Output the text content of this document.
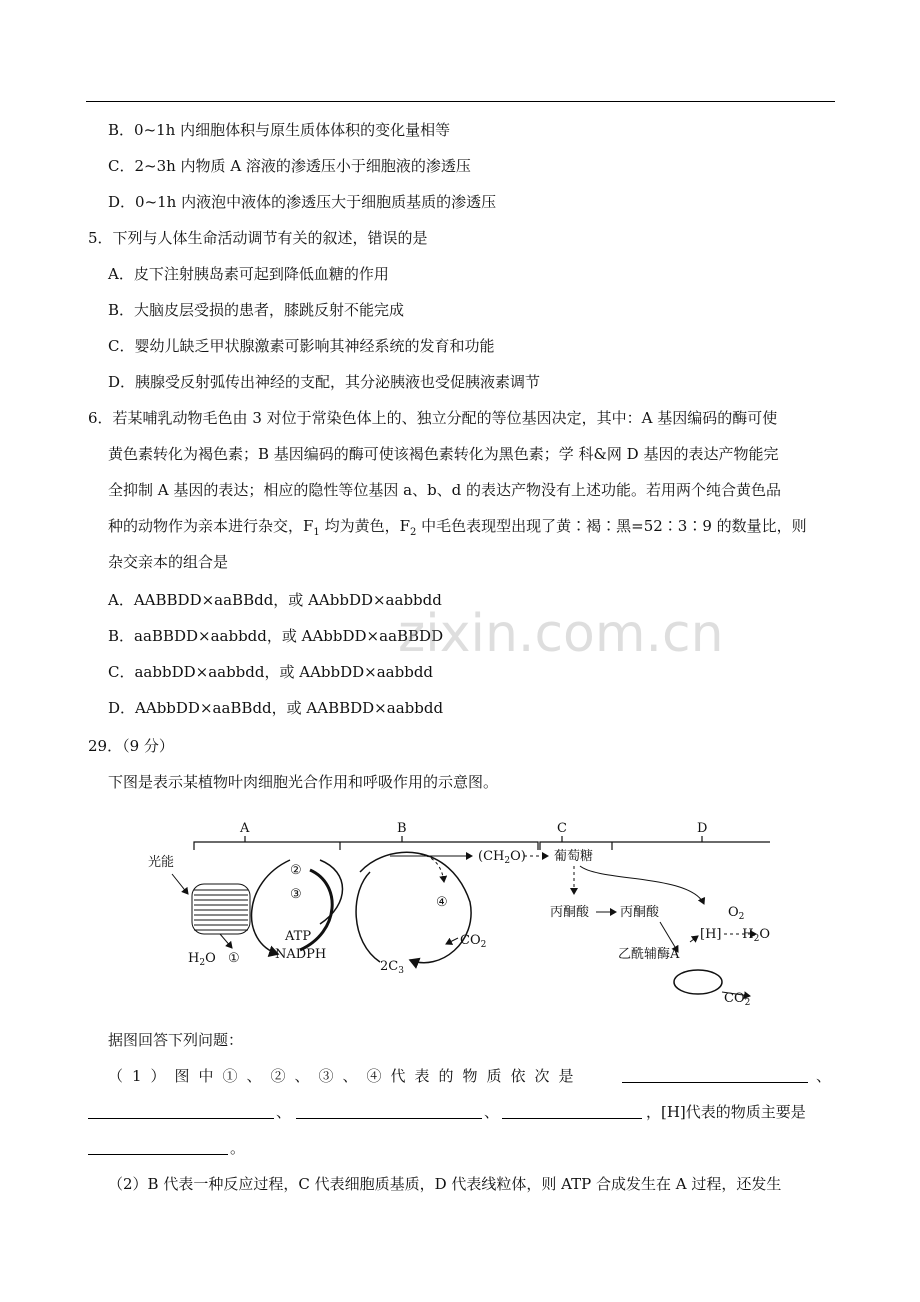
B．0~1h 内细胞体积与原生质体体积的变化量相等
C．2~3h 内物质 A 溶液的渗透压小于细胞液的渗透压
D．0~1h 内液泡中液体的渗透压大于细胞质基质的渗透压
5．下列与人体生命活动调节有关的叙述，错误的是
A．皮下注射胰岛素可起到降低血糖的作用
B．大脑皮层受损的患者，膝跳反射不能完成
C．婴幼儿缺乏甲状腺激素可影响其神经系统的发育和功能
D．胰腺受反射弧传出神经的支配，其分泌胰液也受促胰液素调节
6．若某哺乳动物毛色由 3 对位于常染色体上的、独立分配的等位基因决定，其中：A 基因编码的酶可使
黄色素转化为褐色素；B 基因编码的酶可使该褐色素转化为黑色素；学 科&网 D 基因的表达产物能完
全抑制 A 基因的表达；相应的隐性等位基因 a、b、d 的表达产物没有上述功能。若用两个纯合黄色品
种的动物作为亲本进行杂交，$F_1$ 均为黄色，$F_2$ 中毛色表现型出现了黄∶褐∶黑=52∶3∶9 的数量比，则
杂交亲本的组合是
A．AABBDD×aaBBdd，或 AAbbDD×aabbdd
B．aaBBDD×aabbdd，或 AAbbDD×aaBBDD
C．aabbDD×aabbdd，或 AAbbDD×aabbdd
D．AAbbDD×aaBBdd，或 AABBDD×aabbdd
zixin.com.cn
29．（9 分）
下图是表示某植物叶肉细胞光合作用和呼吸作用的示意图。
A	B	C	D
光能
$H_2O$ ①
②
③
ATP
NADPH
④
$2C_3$
$CO_2$
$(CH_2O)$ 葡萄糖
丙酮酸 丙酮酸
[H]
$O_2$
$H_2O$
乙酰辅酶A
$CO_2$
据图回答下列问题：
（1）图中①、②、③、④代表的物质依次是	、
、	、	，[H]代表的物质主要是
。
（2）B 代表一种反应过程，C 代表细胞质基质，D 代表线粒体，则 ATP 合成发生在 A 过程，还发生
